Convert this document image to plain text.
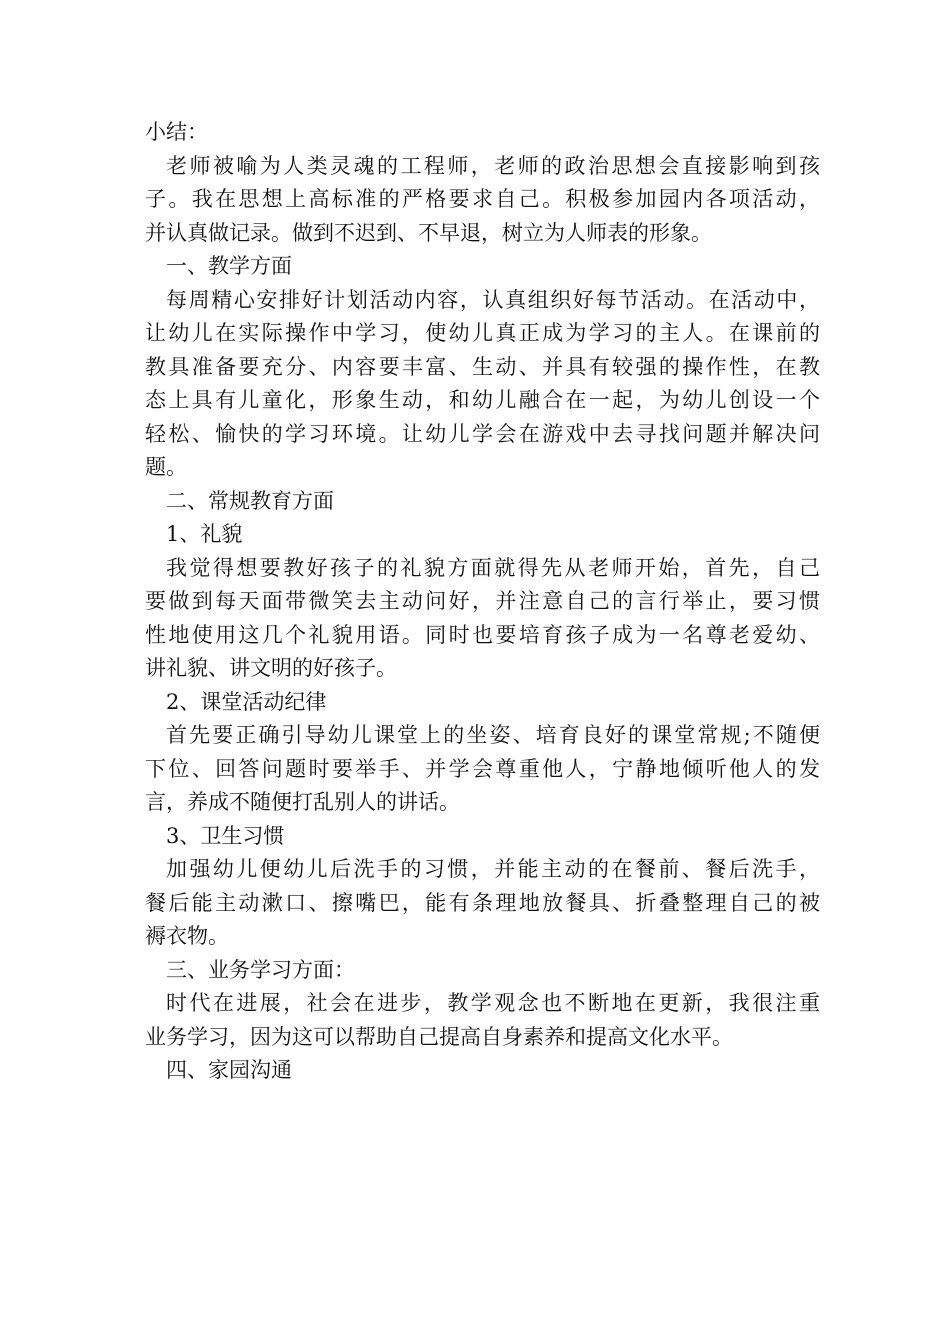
小结：
老师被喻为人类灵魂的工程师，老师的政治思想会直接影响到孩
子。我在思想上高标准的严格要求自己。积极参加园内各项活动，
并认真做记录。做到不迟到、不早退，树立为人师表的形象。
一、教学方面
每周精心安排好计划活动内容，认真组织好每节活动。在活动中，
让幼儿在实际操作中学习，使幼儿真正成为学习的主人。在课前的
教具准备要充分、内容要丰富、生动、并具有较强的操作性，在教
态上具有儿童化，形象生动，和幼儿融合在一起，为幼儿创设一个
轻松、愉快的学习环境。让幼儿学会在游戏中去寻找问题并解决问
题。
二、常规教育方面
1、礼貌
我觉得想要教好孩子的礼貌方面就得先从老师开始，首先，自己
要做到每天面带微笑去主动问好，并注意自己的言行举止，要习惯
性地使用这几个礼貌用语。同时也要培育孩子成为一名尊老爱幼、
讲礼貌、讲文明的好孩子。
2、课堂活动纪律
首先要正确引导幼儿课堂上的坐姿、培育良好的课堂常规;不随便
下位、回答问题时要举手、并学会尊重他人，宁静地倾听他人的发
言，养成不随便打乱别人的讲话。
3、卫生习惯
加强幼儿便幼儿后洗手的习惯，并能主动的在餐前、餐后洗手，
餐后能主动漱口、擦嘴巴，能有条理地放餐具、折叠整理自己的被
褥衣物。
三、业务学习方面：
时代在进展，社会在进步，教学观念也不断地在更新，我很注重
业务学习，因为这可以帮助自己提高自身素养和提高文化水平。
四、家园沟通
